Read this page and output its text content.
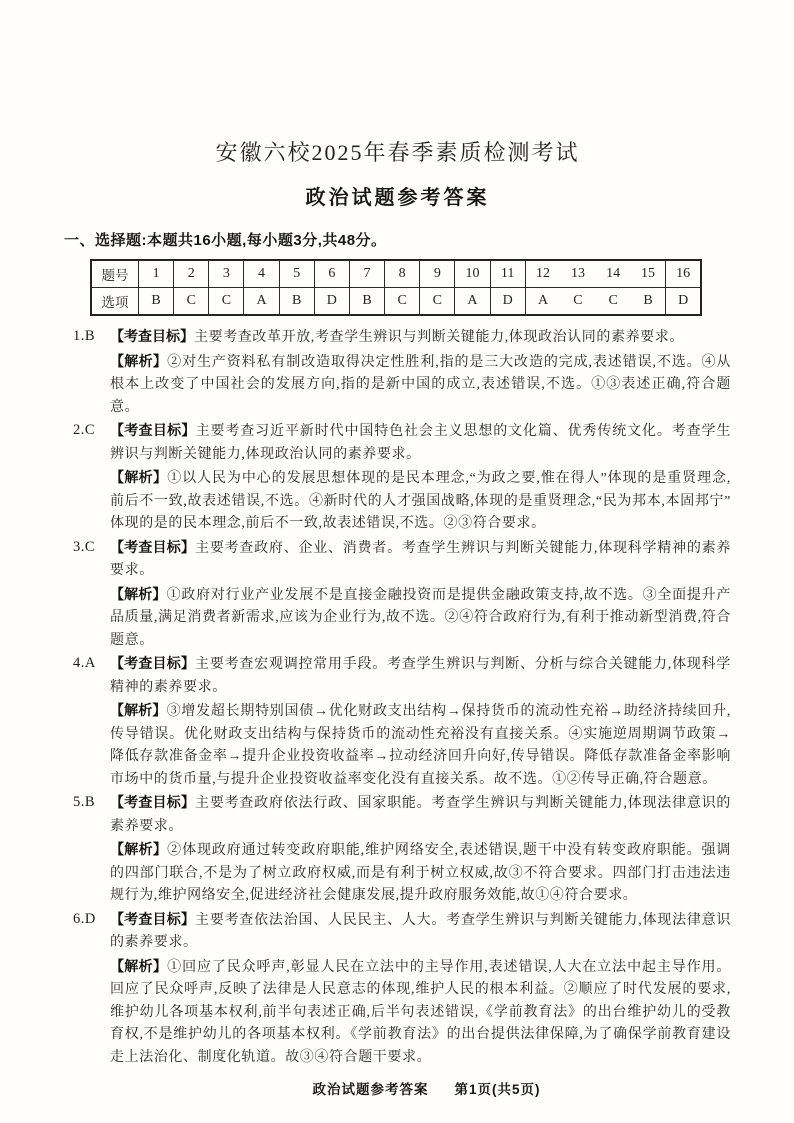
安徽六校2025年春季素质检测考试
政治试题参考答案
一、选择题:本题共16小题,每小题3分,共48分。
题号	1	2	3	4	5	6	7	8	9	10	11	12	13	14	15	16
选项	B	C	C	A	B	D	B	C	C	A	D	A	C	C	B	D
1.B	【考查目标】主要考查改革开放,考查学生辨识与判断关键能力,体现政治认同的素养要求。

【解析】②对生产资料私有制改造取得决定性胜利,指的是三大改造的完成,表述错误,不选。④从根本上改变了中国社会的发展方向,指的是新中国的成立,表述错误,不选。①③表述正确,符合题意。

2.C	【考查目标】主要考查习近平新时代中国特色社会主义思想的文化篇、优秀传统文化。考查学生辨识与判断关键能力,体现政治认同的素养要求。

【解析】①以人民为中心的发展思想体现的是民本理念,“为政之要,惟在得人”体现的是重贤理念,前后不一致,故表述错误,不选。④新时代的人才强国战略,体现的是重贤理念,“民为邦本,本固邦宁”体现的是的民本理念,前后不一致,故表述错误,不选。②③符合要求。

3.C	【考查目标】主要考查政府、企业、消费者。考查学生辨识与判断关键能力,体现科学精神的素养要求。

【解析】①政府对行业产业发展不是直接金融投资而是提供金融政策支持,故不选。③全面提升产品质量,满足消费者新需求,应该为企业行为,故不选。②④符合政府行为,有利于推动新型消费,符合题意。

4.A	【考查目标】主要考查宏观调控常用手段。考查学生辨识与判断、分析与综合关键能力,体现科学精神的素养要求。

【解析】③增发超长期特别国债→优化财政支出结构→保持货币的流动性充裕→助经济持续回升,传导错误。优化财政支出结构与保持货币的流动性充裕没有直接关系。④实施逆周期调节政策→降低存款准备金率→提升企业投资收益率→拉动经济回升向好,传导错误。降低存款准备金率影响市场中的货币量,与提升企业投资收益率变化没有直接关系。故不选。①②传导正确,符合题意。

5.B	【考查目标】主要考查政府依法行政、国家职能。考查学生辨识与判断关键能力,体现法律意识的素养要求。

【解析】②体现政府通过转变政府职能,维护网络安全,表述错误,题干中没有转变政府职能。强调的四部门联合,不是为了树立政府权威,而是有利于树立权威,故③不符合要求。四部门打击违法违规行为,维护网络安全,促进经济社会健康发展,提升政府服务效能,故①④符合要求。

6.D	【考查目标】主要考查依法治国、人民民主、人大。考查学生辨识与判断关键能力,体现法律意识的素养要求。

【解析】①回应了民众呼声,彰显人民在立法中的主导作用,表述错误,人大在立法中起主导作用。回应了民众呼声,反映了法律是人民意志的体现,维护人民的根本利益。②顺应了时代发展的要求,维护幼儿各项基本权利,前半句表述正确,后半句表述错误,《学前教育法》的出台维护幼儿的受教育权,不是维护幼儿的各项基本权利。《学前教育法》的出台提供法律保障,为了确保学前教育建设走上法治化、制度化轨道。故③④符合题干要求。

政治试题参考答案 第1页(共5页)
